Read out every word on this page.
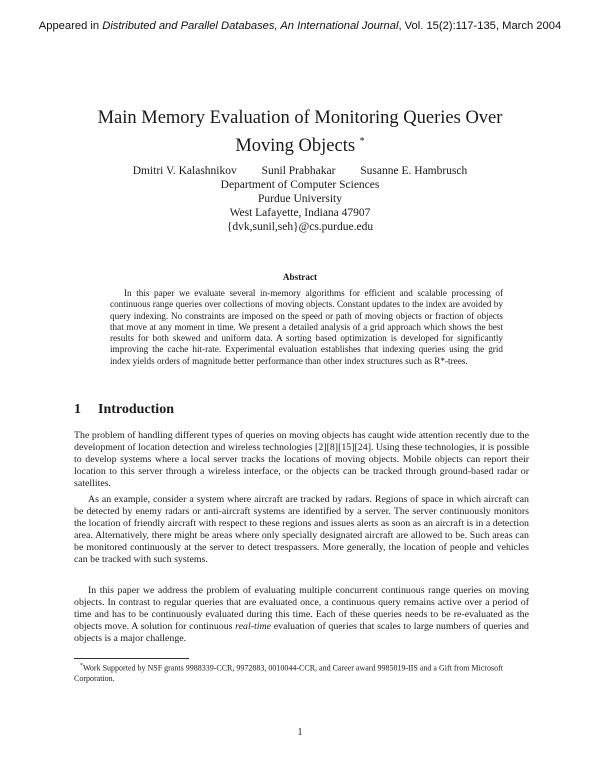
Appeared in Distributed and Parallel Databases, An International Journal, Vol. 15(2):117-135, March 2004
Main Memory Evaluation of Monitoring Queries Over
Moving Objects *
Dmitri V. Kalashnikov Sunil Prabhakar Susanne E. Hambrusch
Department of Computer Sciences
Purdue University
West Lafayette, Indiana 47907
{dvk,sunil,seh}@cs.purdue.edu
Abstract

In this paper we evaluate several in-memory algorithms for efficient and scalable processing of continuous range queries over collections of moving objects. Constant updates to the index are avoided by query indexing. No constraints are imposed on the speed or path of moving objects or fraction of objects that move at any moment in time. We present a detailed analysis of a grid approach which shows the best results for both skewed and uniform data. A sorting based optimization is developed for significantly improving the cache hit-rate. Experimental evaluation establishes that indexing queries using the grid index yields orders of magnitude better performance than other index structures such as R*-trees.

1 Introduction

The problem of handling different types of queries on moving objects has caught wide attention recently due to the development of location detection and wireless technologies [2][8][15][24]. Using these technologies, it is possible to develop systems where a local server tracks the locations of moving objects. Mobile objects can report their location to this server through a wireless interface, or the objects can be tracked through ground-based radar or satellites.

As an example, consider a system where aircraft are tracked by radars. Regions of space in which aircraft can be detected by enemy radars or anti-aircraft systems are identified by a server. The server continuously monitors the location of friendly aircraft with respect to these regions and issues alerts as soon as an aircraft is in a detection area. Alternatively, there might be areas where only specially designated aircraft are allowed to be. Such areas can be monitored continuously at the server to detect trespassers. More generally, the location of people and vehicles can be tracked with such systems.

In this paper we address the problem of evaluating multiple concurrent continuous range queries on moving objects. In contrast to regular queries that are evaluated once, a continuous query remains active over a period of time and has to be continuously evaluated during this time. Each of these queries needs to be re-evaluated as the objects move. A solution for continuous real-time evaluation of queries that scales to large numbers of queries and objects is a major challenge.

*Work Supported by NSF grants 9988339-CCR, 9972883, 0010044-CCR, and Career award 9985019-IIS and a Gift from Microsoft Corporation.

1
